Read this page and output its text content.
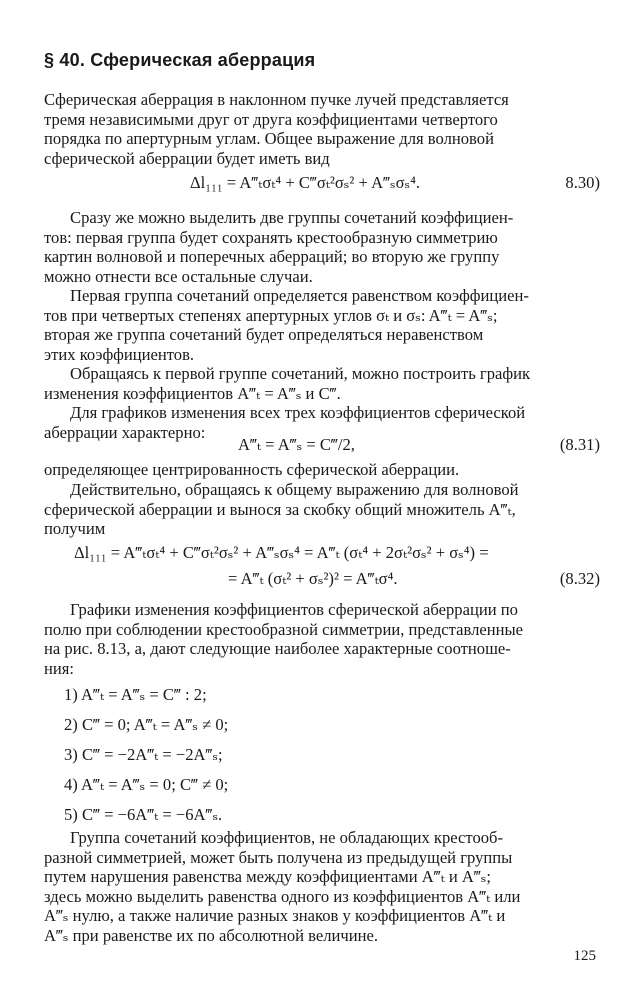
§ 40. Сферическая аберрация

Сферическая аберрация в наклонном пучке лучей представляется
тремя независимыми друг от друга коэффициентами четвертого
порядка по апертурным углам. Общее выражение для волновой
сферической аберрации будет иметь вид

Δl₁₁₁ = A‴ₜσₜ⁴ + C‴σₜ²σₛ² + A‴ₛσₛ⁴.	8.30)

Сразу же можно выделить две группы сочетаний коэффициен-
тов: первая группа будет сохранять крестообразную симметрию
картин волновой и поперечных аберраций; во вторую же группу
можно отнести все остальные случаи.

Первая группа сочетаний определяется равенством коэффициен-
тов при четвертых степенях апертурных углов σₜ и σₛ: A‴ₜ = A‴ₛ;
вторая же группа сочетаний будет определяться неравенством
этих коэффициентов.

Обращаясь к первой группе сочетаний, можно построить график
изменения коэффициентов A‴ₜ = A‴ₛ и C‴.

Для графиков изменения всех трех коэффициентов сферической
аберрации характерно:

A‴ₜ = A‴ₛ = C‴/2,	(8.31)

определяющее центрированность сферической аберрации.

Действительно, обращаясь к общему выражению для волновой
сферической аберрации и вынося за скобку общий множитель A‴ₜ,
получим

Δl₁₁₁ = A‴ₜσₜ⁴ + C‴σₜ²σₛ² + A‴ₛσₛ⁴ = A‴ₜ (σₜ⁴ + 2σₜ²σₛ² + σₛ⁴) =
= A‴ₜ (σₜ² + σₛ²)² = A‴ₜσ⁴.	(8.32)

Графики изменения коэффициентов сферической аберрации по
полю при соблюдении крестообразной симметрии, представленные
на рис. 8.13, а, дают следующие наиболее характерные соотноше-
ния:

1) A‴ₜ = A‴ₛ = C‴ : 2;
2) C‴ = 0; A‴ₜ = A‴ₛ ≠ 0;
3) C‴ = −2A‴ₜ = −2A‴ₛ;
4) A‴ₜ = A‴ₛ = 0; C‴ ≠ 0;
5) C‴ = −6A‴ₜ = −6A‴ₛ.

Группа сочетаний коэффициентов, не обладающих крестооб-
разной симметрией, может быть получена из предыдущей группы
путем нарушения равенства между коэффициентами A‴ₜ и A‴ₛ;
здесь можно выделить равенства одного из коэффициентов A‴ₜ или
A‴ₛ нулю, а также наличие разных знаков у коэффициентов A‴ₜ и
A‴ₛ при равенстве их по абсолютной величине.

125
